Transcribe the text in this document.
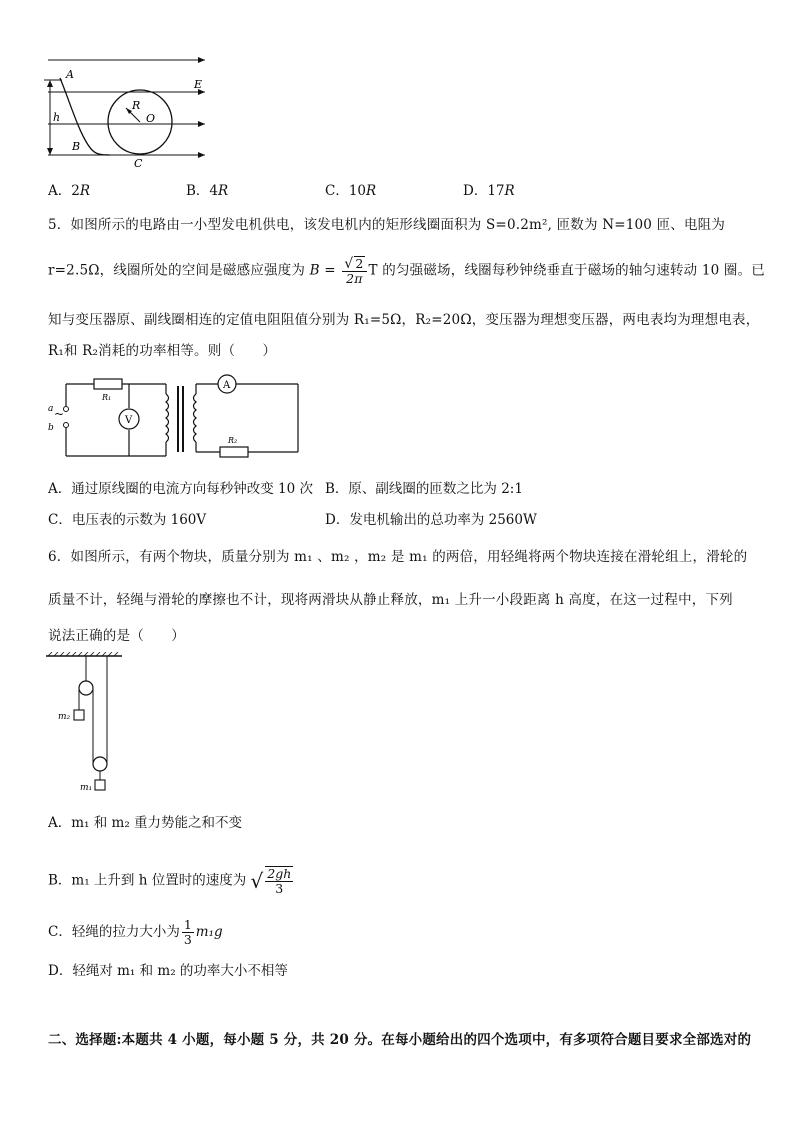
A
E
R
O
h
B
C
A．2R	B．4R	C．10R	D．17R
5．如图所示的电路由一小型发电机供电，该发电机内的矩形线圈面积为 S=0.2m², 匝数为 N=100 匝、电阻为
r=2.5Ω，线圈所处的空间是磁感应强度为 $B = \frac{√ 2}{2\pi}$ T 的匀强磁场，线圈每秒钟绕垂直于磁场的轴匀速转动 10 圈。已
知与变压器原、副线圈相连的定值电阻阻值分别为 R₁=5Ω，R₂=20Ω，变压器为理想变压器，两电表均为理想电表，
R₁和 R₂消耗的功率相等。则（　　）
~
a
b
R₁
V
A
R₂
A．通过原线圈的电流方向每秒钟改变 10 次 B．原、副线圈的匝数之比为 2:1
C．电压表的示数为 160V	D．发电机输出的总功率为 2560W
6．如图所示，有两个物块，质量分别为 m₁ 、m₂ ，m₂ 是 m₁ 的两倍，用轻绳将两个物块连接在滑轮组上，滑轮的
质量不计，轻绳与滑轮的摩擦也不计，现将两滑块从静止释放，m₁ 上升一小段距离 h 高度，在这一过程中，下列
说法正确的是（　　）
m₂
m₁
A．m₁ 和 m₂ 重力势能之和不变
B．m₁ 上升到 h 位置时的速度为 √ $\frac{2gh}{3}$
C．轻绳的拉力大小为 $\frac{1}{3} m_1g$
D．轻绳对 m₁ 和 m₂ 的功率大小不相等
二、选择题:本题共 4 小题，每小题 5 分，共 20 分。在每小题给出的四个选项中，有多项符合题目要求全部选对的
